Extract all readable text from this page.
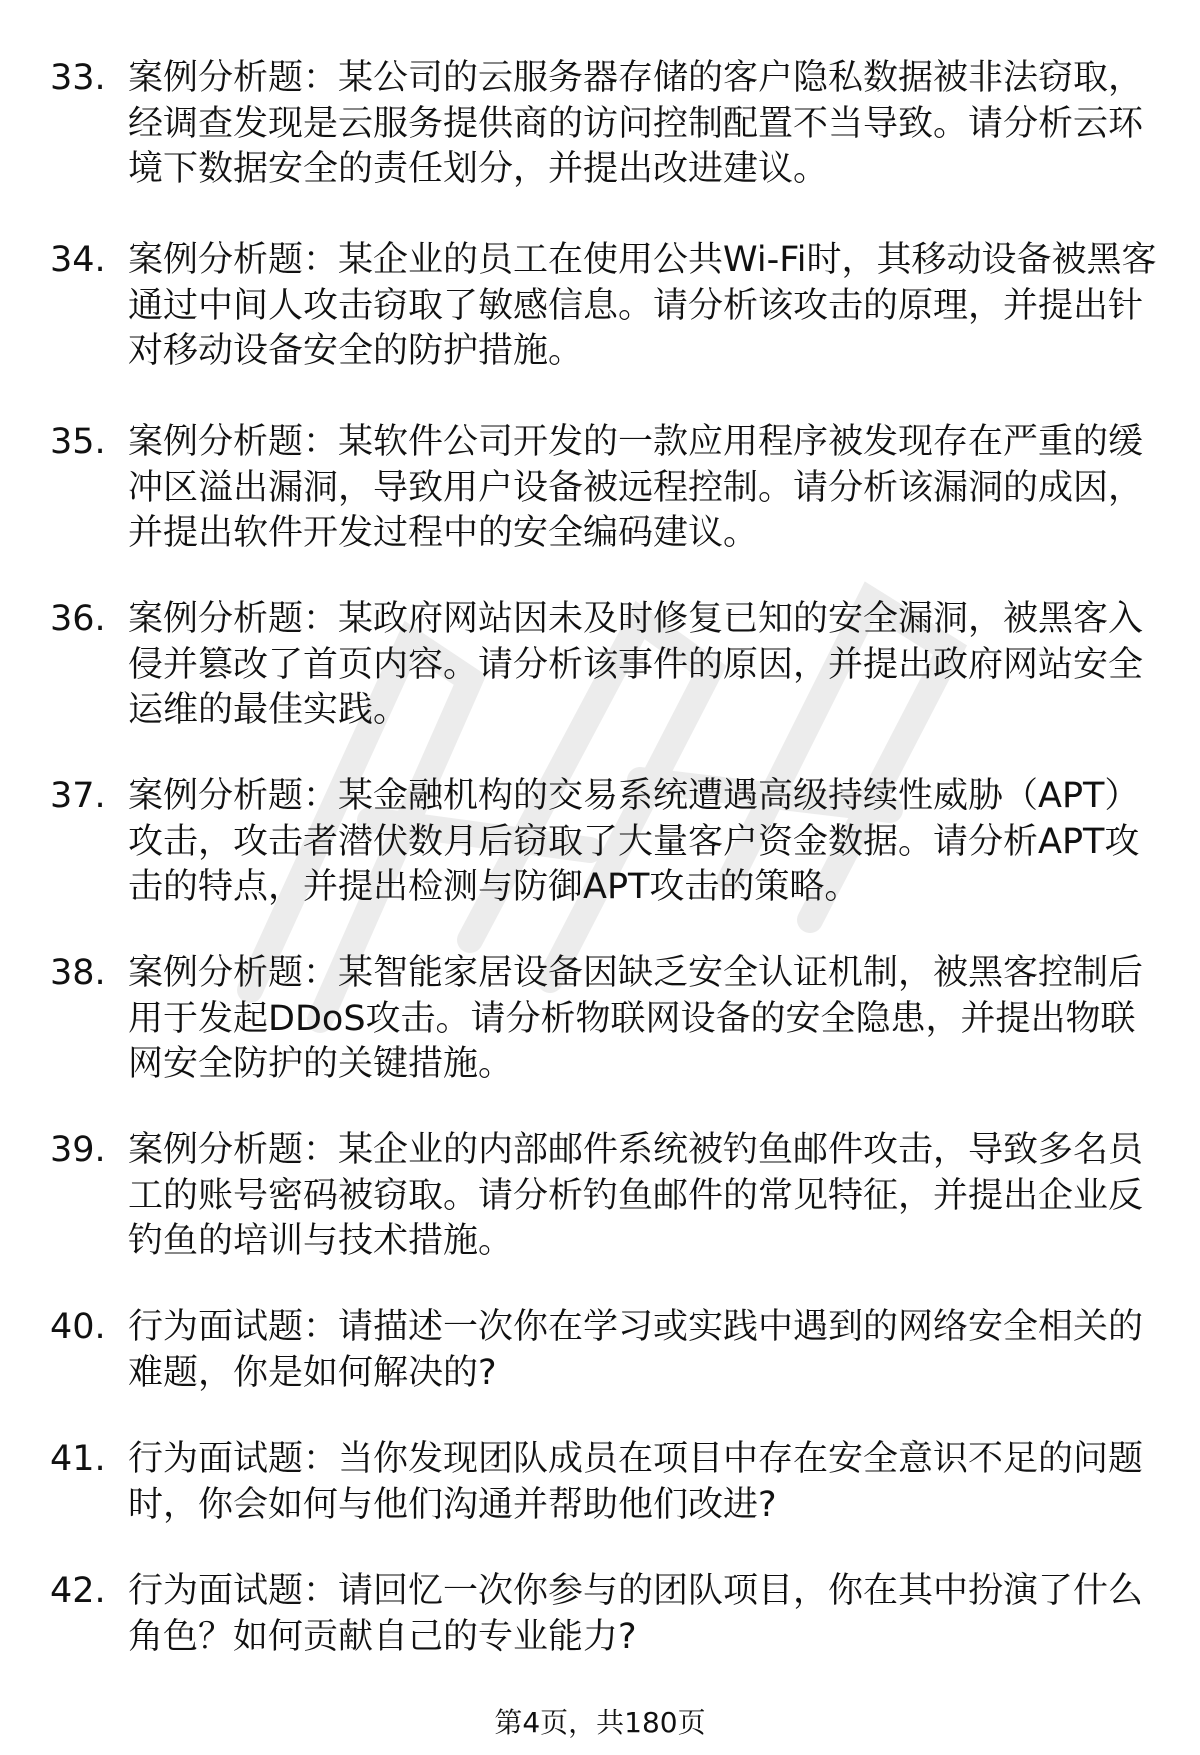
33. 案例分析题：某公司的云服务器存储的客户隐私数据被非法窃取，经调查发现是云服务提供商的访问控制配置不当导致。请分析云环境下数据安全的责任划分，并提出改进建议。
34. 案例分析题：某企业的员工在使用公共Wi-Fi时，其移动设备被黑客通过中间人攻击窃取了敏感信息。请分析该攻击的原理，并提出针对移动设备安全的防护措施。
35. 案例分析题：某软件公司开发的一款应用程序被发现存在严重的缓冲区溢出漏洞，导致用户设备被远程控制。请分析该漏洞的成因，并提出软件开发过程中的安全编码建议。
36. 案例分析题：某政府网站因未及时修复已知的安全漏洞，被黑客入侵并篡改了首页内容。请分析该事件的原因，并提出政府网站安全运维的最佳实践。
37. 案例分析题：某金融机构的交易系统遭遇高级持续性威胁（APT）攻击，攻击者潜伏数月后窃取了大量客户资金数据。请分析APT攻击的特点，并提出检测与防御APT攻击的策略。
38. 案例分析题：某智能家居设备因缺乏安全认证机制，被黑客控制后用于发起DDoS攻击。请分析物联网设备的安全隐患，并提出物联网安全防护的关键措施。
39. 案例分析题：某企业的内部邮件系统被钓鱼邮件攻击，导致多名员工的账号密码被窃取。请分析钓鱼邮件的常见特征，并提出企业反钓鱼的培训与技术措施。
40. 行为面试题：请描述一次你在学习或实践中遇到的网络安全相关的难题，你是如何解决的?
41. 行为面试题：当你发现团队成员在项目中存在安全意识不足的问题时，你会如何与他们沟通并帮助他们改进?
42. 行为面试题：请回忆一次你参与的团队项目，你在其中扮演了什么角色？如何贡献自己的专业能力?
第4页，共180页
